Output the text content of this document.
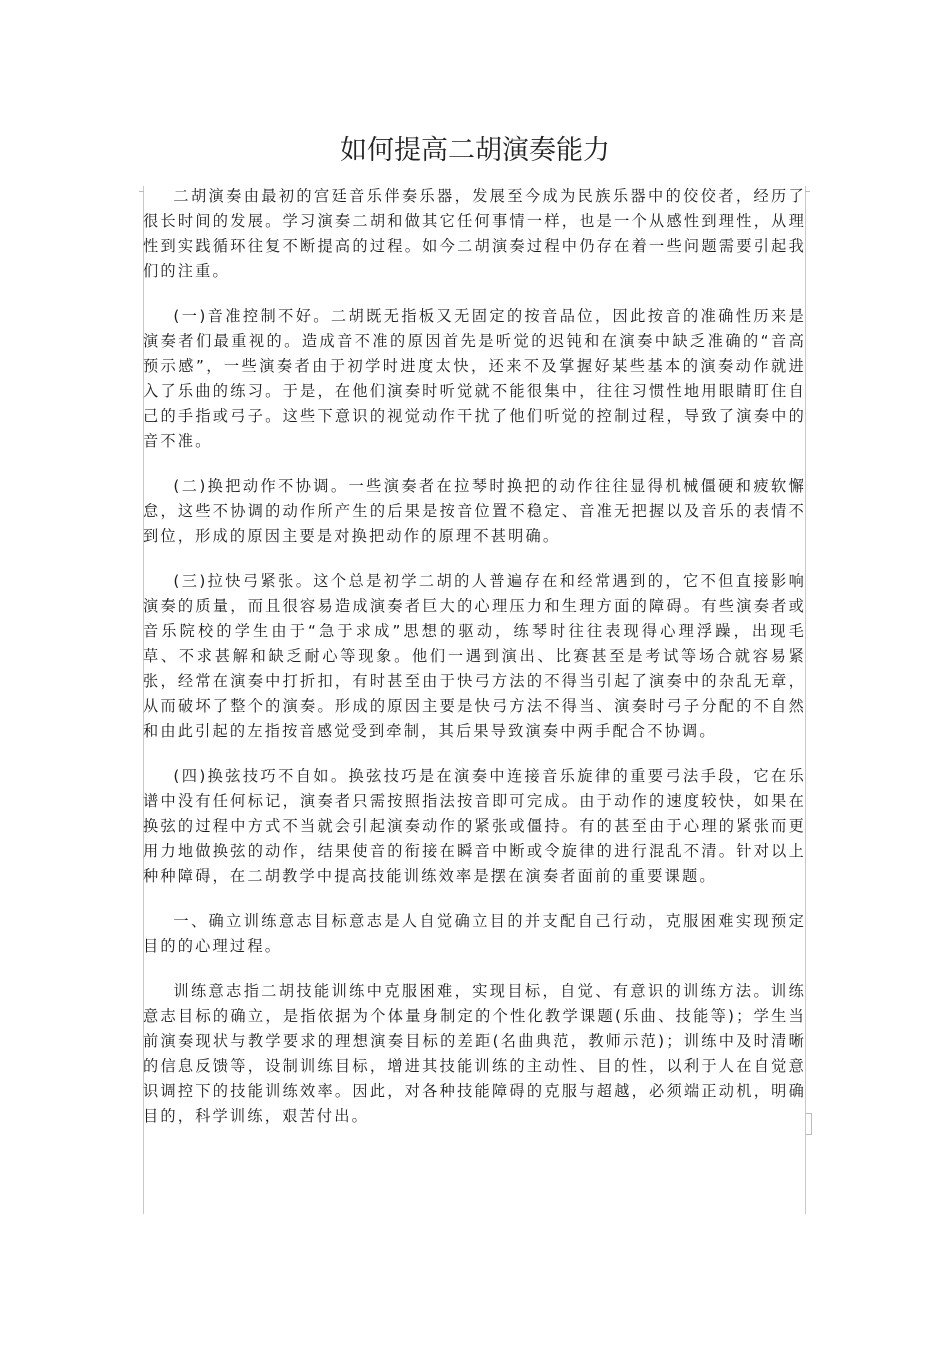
如何提高二胡演奏能力

二胡演奏由最初的宫廷音乐伴奏乐器，发展至今成为民族乐器中的佼佼者，经历了很长时间的发展。学习演奏二胡和做其它任何事情一样，也是一个从感性到理性，从理性到实践循环往复不断提高的过程。如今二胡演奏过程中仍存在着一些问题需要引起我们的注重。

(一)音准控制不好。二胡既无指板又无固定的按音品位，因此按音的准确性历来是演奏者们最重视的。造成音不准的原因首先是听觉的迟钝和在演奏中缺乏准确的“音高预示感”，一些演奏者由于初学时进度太快，还来不及掌握好某些基本的演奏动作就进入了乐曲的练习。于是，在他们演奏时听觉就不能很集中，往往习惯性地用眼睛盯住自己的手指或弓子。这些下意识的视觉动作干扰了他们听觉的控制过程，导致了演奏中的音不准。

(二)换把动作不协调。一些演奏者在拉琴时换把的动作往往显得机械僵硬和疲软懈怠，这些不协调的动作所产生的后果是按音位置不稳定、音准无把握以及音乐的表情不到位，形成的原因主要是对换把动作的原理不甚明确。

(三)拉快弓紧张。这个总是初学二胡的人普遍存在和经常遇到的，它不但直接影响演奏的质量，而且很容易造成演奏者巨大的心理压力和生理方面的障碍。有些演奏者或音乐院校的学生由于“急于求成”思想的驱动，练琴时往往表现得心理浮躁，出现毛草、不求甚解和缺乏耐心等现象。他们一遇到演出、比赛甚至是考试等场合就容易紧张，经常在演奏中打折扣，有时甚至由于快弓方法的不得当引起了演奏中的杂乱无章，从而破坏了整个的演奏。形成的原因主要是快弓方法不得当、演奏时弓子分配的不自然和由此引起的左指按音感觉受到牵制，其后果导致演奏中两手配合不协调。

(四)换弦技巧不自如。换弦技巧是在演奏中连接音乐旋律的重要弓法手段，它在乐谱中没有任何标记，演奏者只需按照指法按音即可完成。由于动作的速度较快，如果在换弦的过程中方式不当就会引起演奏动作的紧张或僵持。有的甚至由于心理的紧张而更用力地做换弦的动作，结果使音的衔接在瞬音中断或令旋律的进行混乱不清。针对以上种种障碍，在二胡教学中提高技能训练效率是摆在演奏者面前的重要课题。

一、确立训练意志目标意志是人自觉确立目的并支配自己行动，克服困难实现预定目的的心理过程。

训练意志指二胡技能训练中克服困难，实现目标，自觉、有意识的训练方法。训练意志目标的确立，是指依据为个体量身制定的个性化教学课题(乐曲、技能等)；学生当前演奏现状与教学要求的理想演奏目标的差距(名曲典范，教师示范)；训练中及时清晰的信息反馈等，设制训练目标，增进其技能训练的主动性、目的性，以利于人在自觉意识调控下的技能训练效率。因此，对各种技能障碍的克服与超越，必须端正动机，明确目的，科学训练，艰苦付出。
